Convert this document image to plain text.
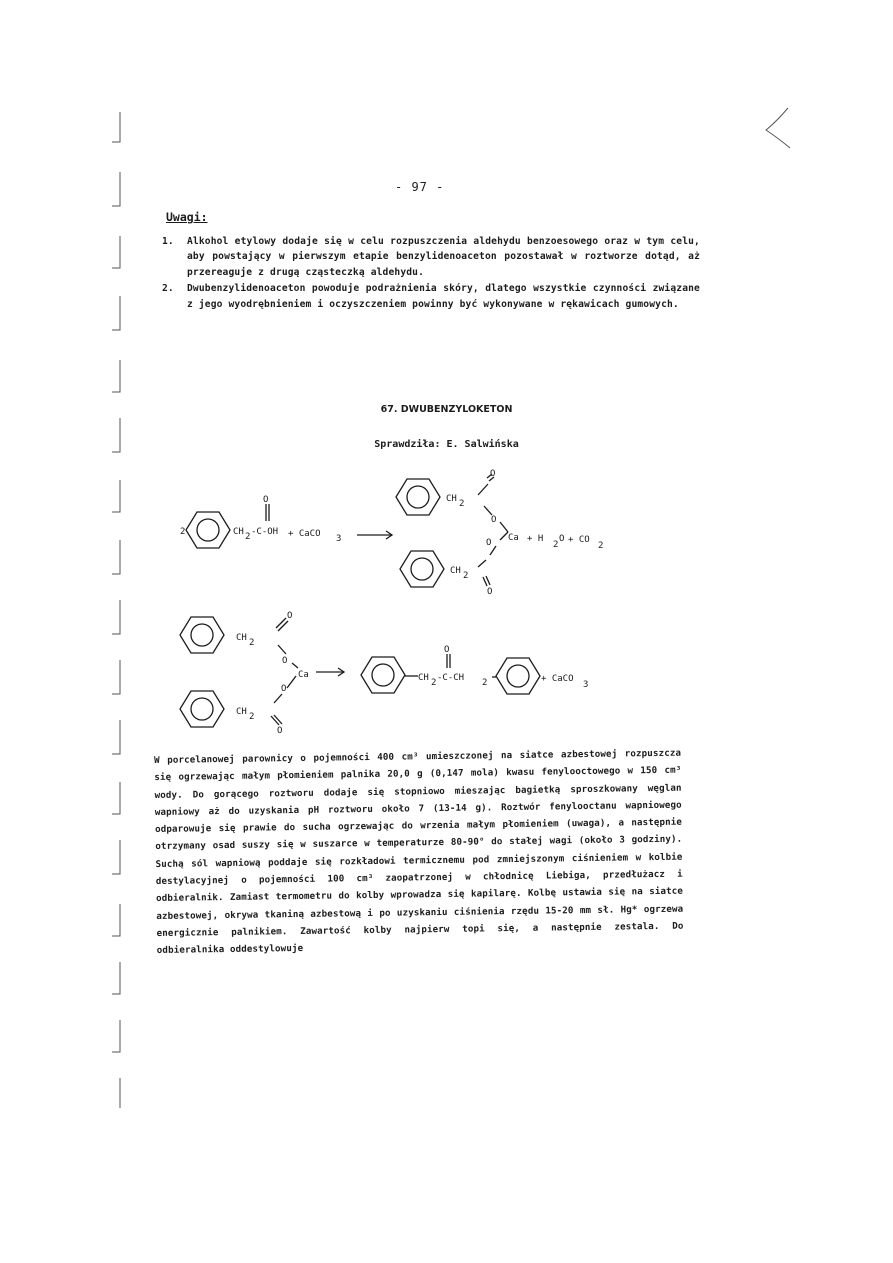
- 97 -
Uwagi:
1. Alkohol etylowy dodaje się w celu rozpuszczenia aldehydu benzoesowego oraz w tym celu, aby powstający w pierwszym etapie benzylidenoaceton pozostawał w roztworze dotąd, aż przereaguje z drugą cząsteczką aldehydu.
2. Dwubenzylidenoaceton powoduje podrażnienia skóry, dlatego wszystkie czynności związane z jego wyodrębnieniem i oczyszczeniem powinny być wykonywane w rękawicach gumowych.
67. DWUBENZYLOKETON
Sprawdziła: E. Salwińska
2
O
CH 2 -C-OH + CaCO 3
CH 2
O
O
Ca + H
2
O + CO
2
O
CH 2
O
CH 2
O
O
Ca
O
CH 2
O
O
CH 2 -C-CH 2	+ CaCO
3

W porcelanowej parownicy o pojemności 400 cm³ umieszczonej na siatce azbestowej rozpuszcza się ogrzewając małym płomieniem palnika 20,0 g (0,147 mola) kwasu fenylooctowego w 150 cm³ wody. Do gorącego roztworu dodaje się stopniowo mieszając bagietką sproszkowany węglan wapniowy aż do uzyskania pH roztworu około 7 (13-14 g). Roztwór fenylooctanu wapniowego odparowuje się prawie do sucha ogrzewając do wrzenia małym płomieniem (uwaga), a następnie otrzymany osad suszy się w suszarce w temperaturze 80-90° do stałej wagi (około 3 godziny). Suchą sól wapniową poddaje się rozkładowi termicznemu pod zmniejszonym ciśnieniem w kolbie destylacyjnej o pojemności 100 cm³ zaopatrzonej w chłodnicę Liebiga, przedłużacz i odbieralnik. Zamiast termometru do kolby wprowadza się kapilarę. Kolbę ustawia się na siatce azbestowej, okrywa tkaniną azbestową i po uzyskaniu ciśnienia rzędu 15-20 mm sł. Hg* ogrzewa energicznie palnikiem. Zawartość kolby najpierw topi się, a następnie zestala. Do odbieralnika oddestylowuje
